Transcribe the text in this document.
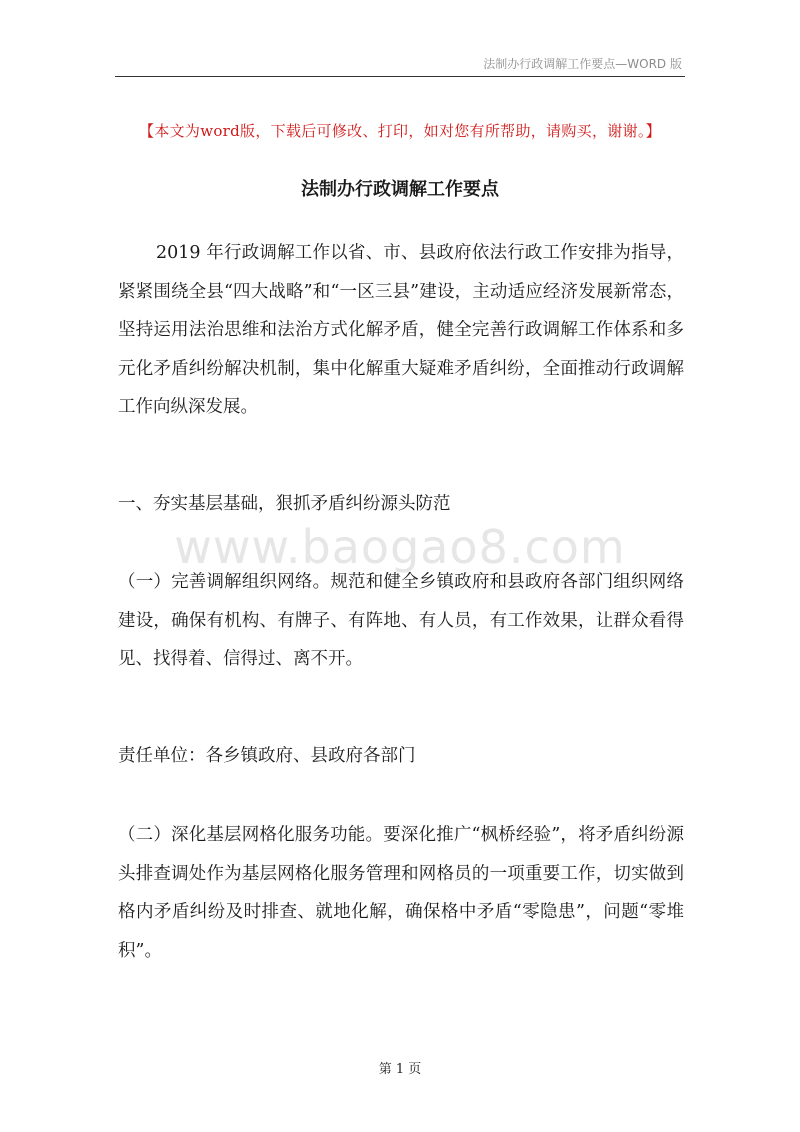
法制办行政调解工作要点—WORD 版
【本文为word版，下载后可修改、打印，如对您有所帮助，请购买，谢谢。】
法制办行政调解工作要点

2019 年行政调解工作以省、市、县政府依法行政工作安排为指导，紧紧围绕全县“四大战略”和“一区三县”建设，主动适应经济发展新常态，坚持运用法治思维和法治方式化解矛盾，健全完善行政调解工作体系和多元化矛盾纠纷解决机制，集中化解重大疑难矛盾纠纷，全面推动行政调解工作向纵深发展。

一、夯实基层基础，狠抓矛盾纠纷源头防范

www.baogao8.com

（一）完善调解组织网络。规范和健全乡镇政府和县政府各部门组织网络建设，确保有机构、有牌子、有阵地、有人员，有工作效果，让群众看得见、找得着、信得过、离不开。

责任单位：各乡镇政府、县政府各部门

（二）深化基层网格化服务功能。要深化推广“枫桥经验”，将矛盾纠纷源头排查调处作为基层网格化服务管理和网格员的一项重要工作，切实做到格内矛盾纠纷及时排查、就地化解，确保格中矛盾“零隐患”，问题“零堆积”。

第 1 页
